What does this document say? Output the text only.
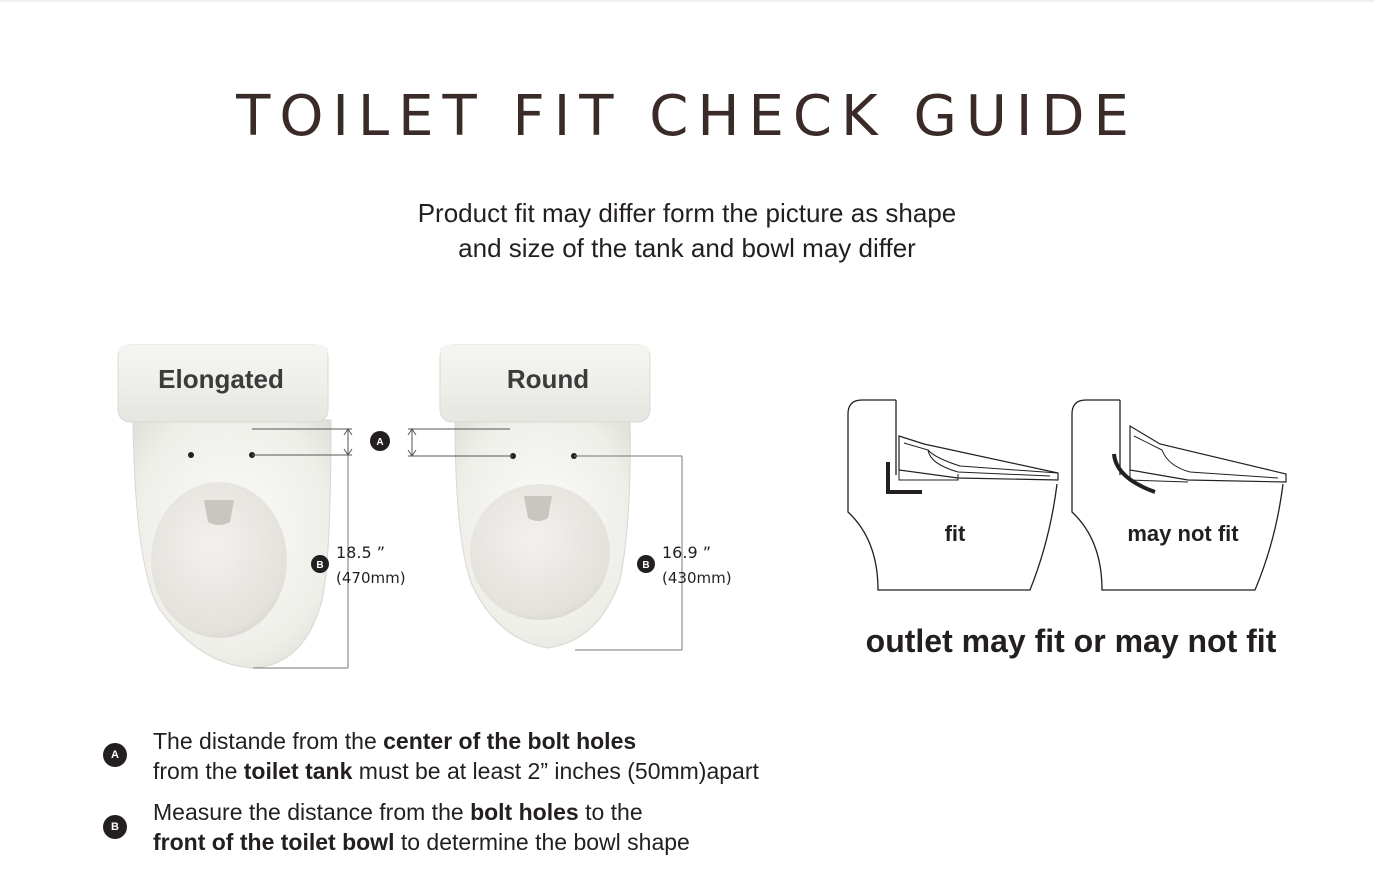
TOILET FIT CHECK GUIDE
Product fit may differ form the picture as shape
and size of the tank and bowl may differ
Elongated
B
18.5 ”
(470mm)
A
Round
B
16.9 ”
(430mm)
fit	may not fit
outlet may fit or may not fit
A
The distande from the center of the bolt holes
from the toilet tank must be at least 2” inches (50mm)apart
B
Measure the distance from the bolt holes to the
front of the toilet bowl to determine the bowl shape
